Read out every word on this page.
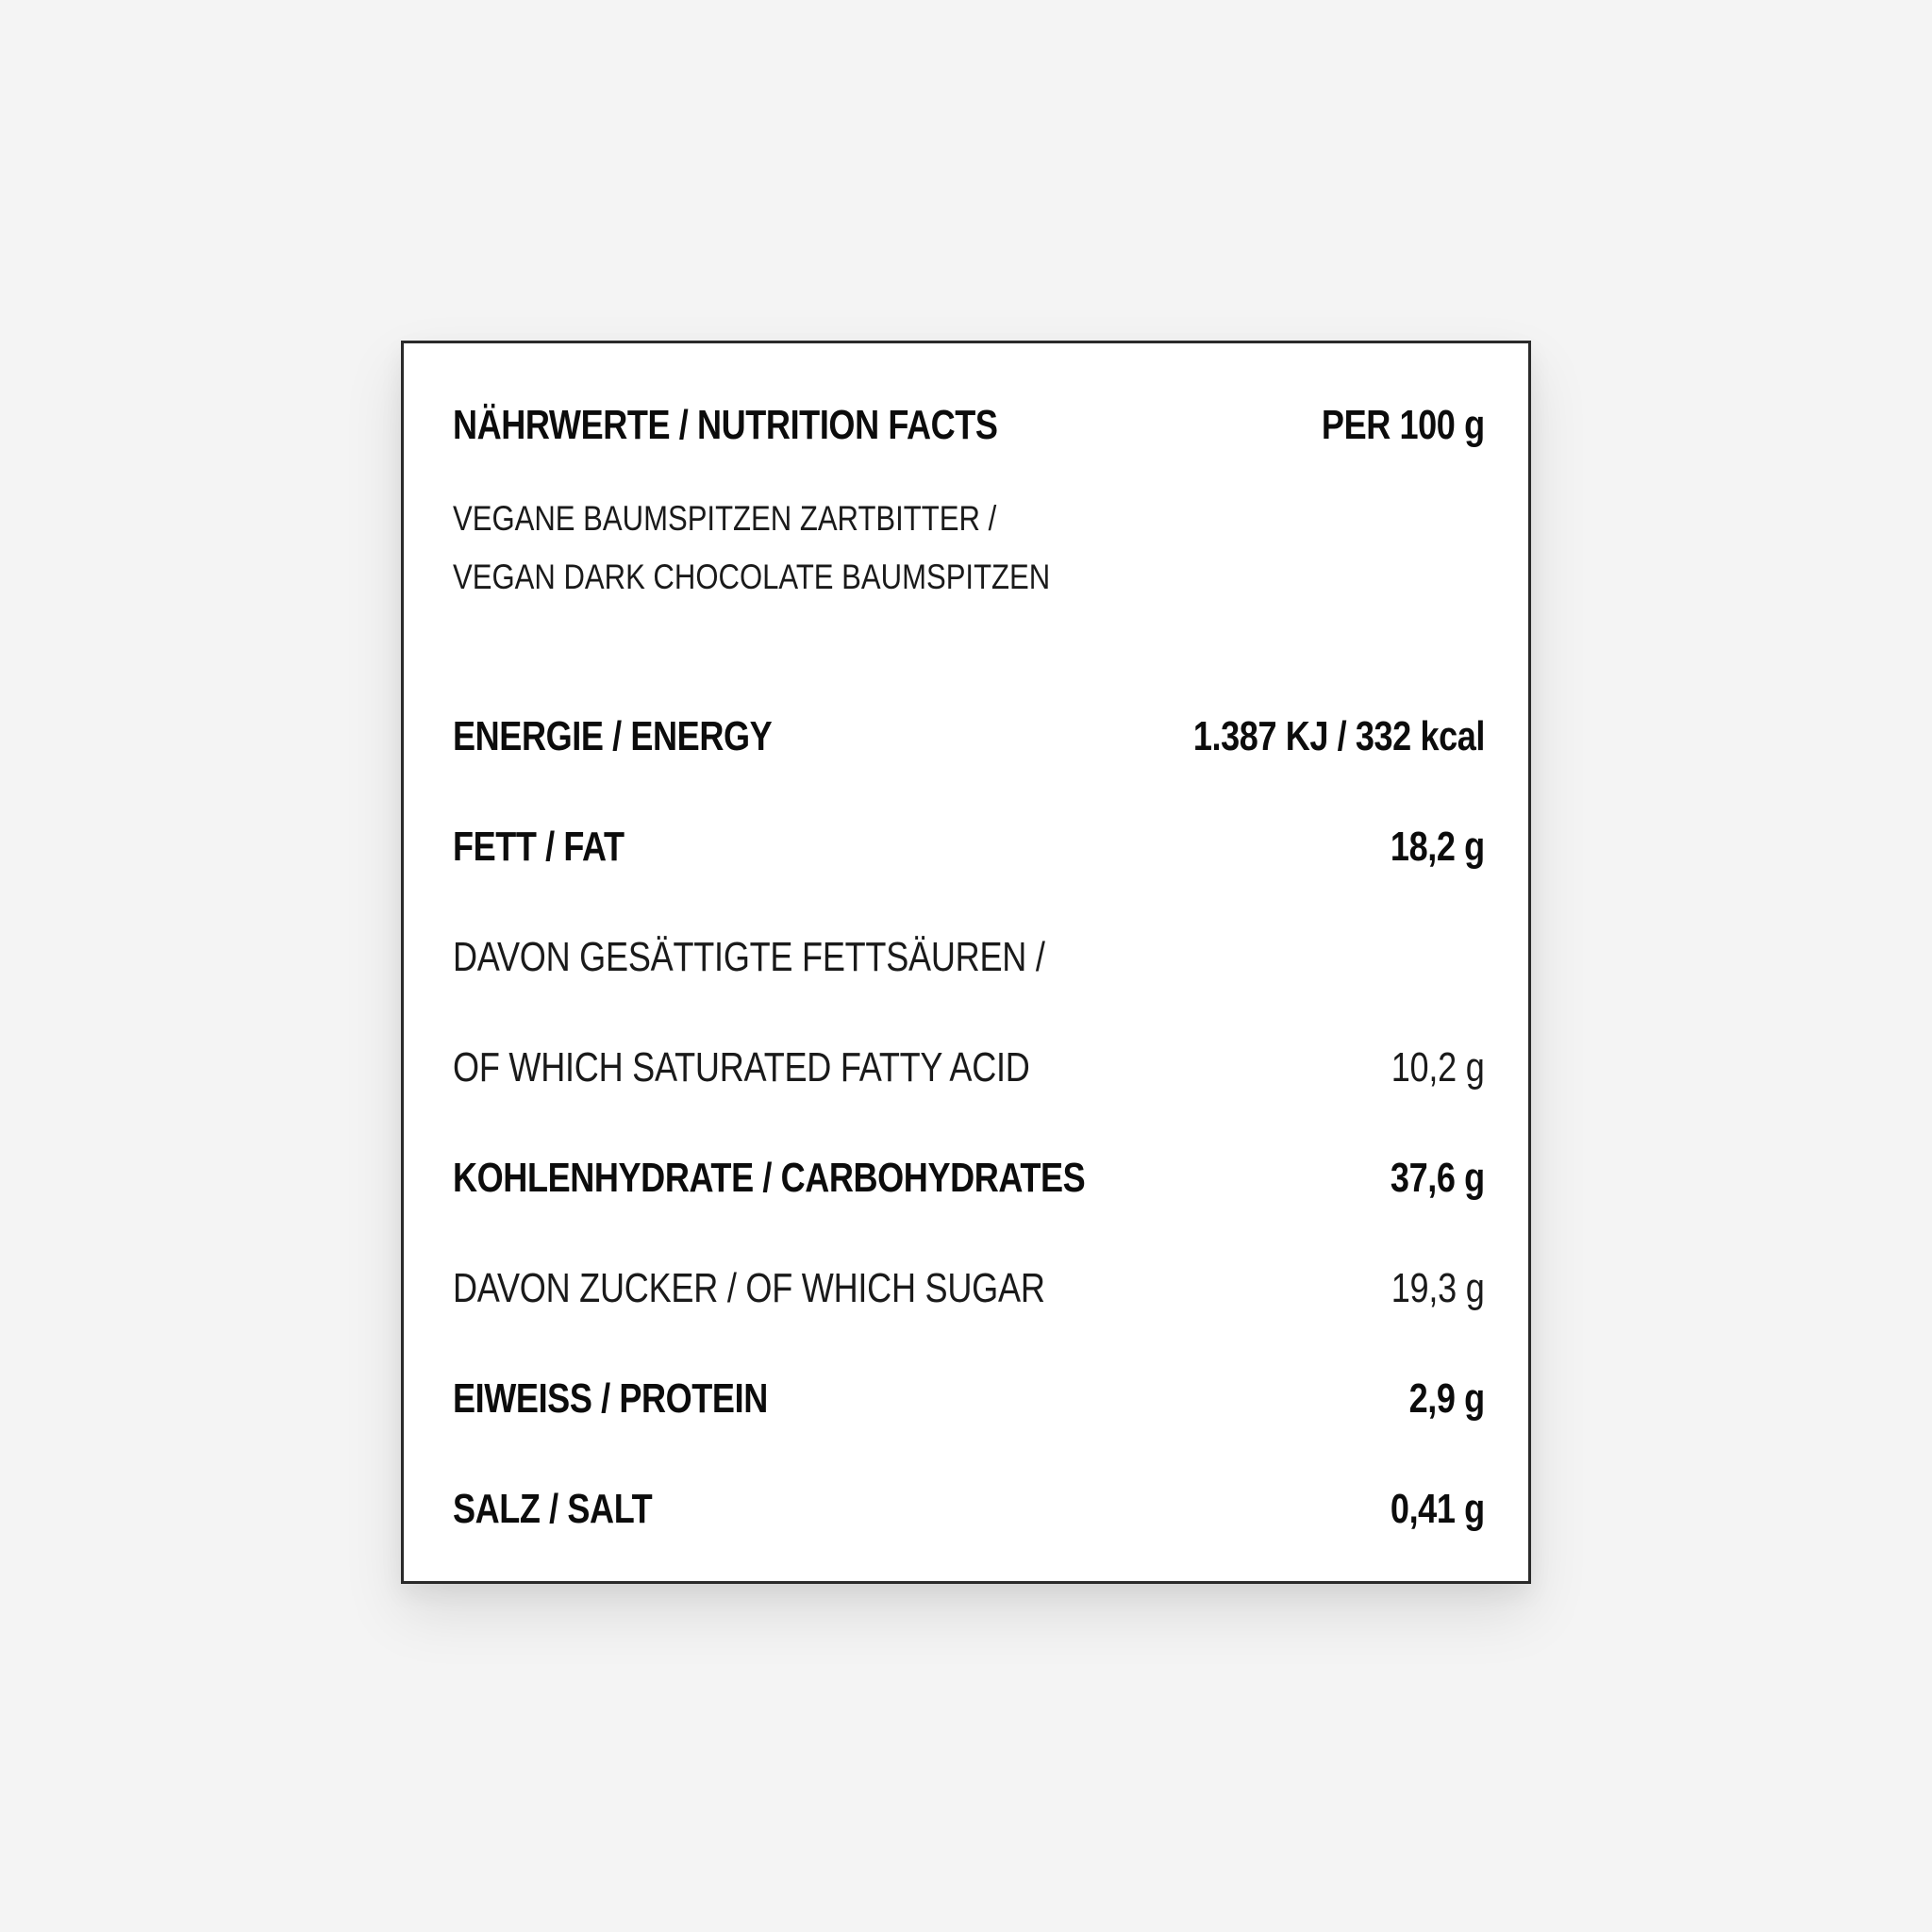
NÄHRWERTE / NUTRITION FACTS	PER 100 g
VEGANE BAUMSPITZEN ZARTBITTER /
VEGAN DARK CHOCOLATE BAUMSPITZEN
ENERGIE / ENERGY	1.387 KJ / 332 kcal
FETT / FAT	18,2 g
DAVON GESÄTTIGTE FETTSÄUREN /
OF WHICH SATURATED FATTY ACID	10,2 g
KOHLENHYDRATE / CARBOHYDRATES	37,6 g
DAVON ZUCKER / OF WHICH SUGAR	19,3 g
EIWEISS / PROTEIN	2,9 g
SALZ / SALT	0,41 g
